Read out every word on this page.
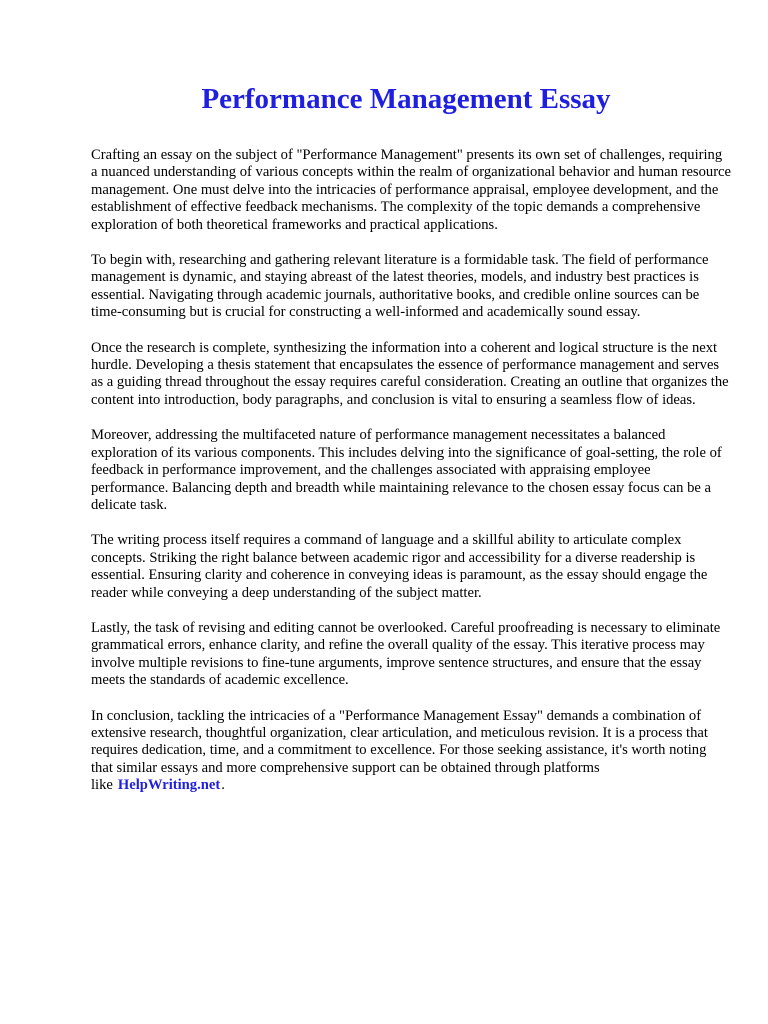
Performance Management Essay

Crafting an essay on the subject of "Performance Management" presents its own set of challenges, requiring a nuanced understanding of various concepts within the realm of organizational behavior and human resource management. One must delve into the intricacies of performance appraisal, employee development, and the establishment of effective feedback mechanisms. The complexity of the topic demands a comprehensive exploration of both theoretical frameworks and practical applications.

To begin with, researching and gathering relevant literature is a formidable task. The field of performance management is dynamic, and staying abreast of the latest theories, models, and industry best practices is essential. Navigating through academic journals, authoritative books, and credible online sources can be time-consuming but is crucial for constructing a well-informed and academically sound essay.

Once the research is complete, synthesizing the information into a coherent and logical structure is the next hurdle. Developing a thesis statement that encapsulates the essence of performance management and serves as a guiding thread throughout the essay requires careful consideration. Creating an outline that organizes the content into introduction, body paragraphs, and conclusion is vital to ensuring a seamless flow of ideas.

Moreover, addressing the multifaceted nature of performance management necessitates a balanced exploration of its various components. This includes delving into the significance of goal-setting, the role of feedback in performance improvement, and the challenges associated with appraising employee performance. Balancing depth and breadth while maintaining relevance to the chosen essay focus can be a delicate task.

The writing process itself requires a command of language and a skillful ability to articulate complex concepts. Striking the right balance between academic rigor and accessibility for a diverse readership is essential. Ensuring clarity and coherence in conveying ideas is paramount, as the essay should engage the reader while conveying a deep understanding of the subject matter.

Lastly, the task of revising and editing cannot be overlooked. Careful proofreading is necessary to eliminate grammatical errors, enhance clarity, and refine the overall quality of the essay. This iterative process may involve multiple revisions to fine-tune arguments, improve sentence structures, and ensure that the essay meets the standards of academic excellence.

In conclusion, tackling the intricacies of a "Performance Management Essay" demands a combination of extensive research, thoughtful organization, clear articulation, and meticulous revision. It is a process that requires dedication, time, and a commitment to excellence. For those seeking assistance, it's worth noting that similar essays and more comprehensive support can be obtained through platforms like HelpWriting.net.
